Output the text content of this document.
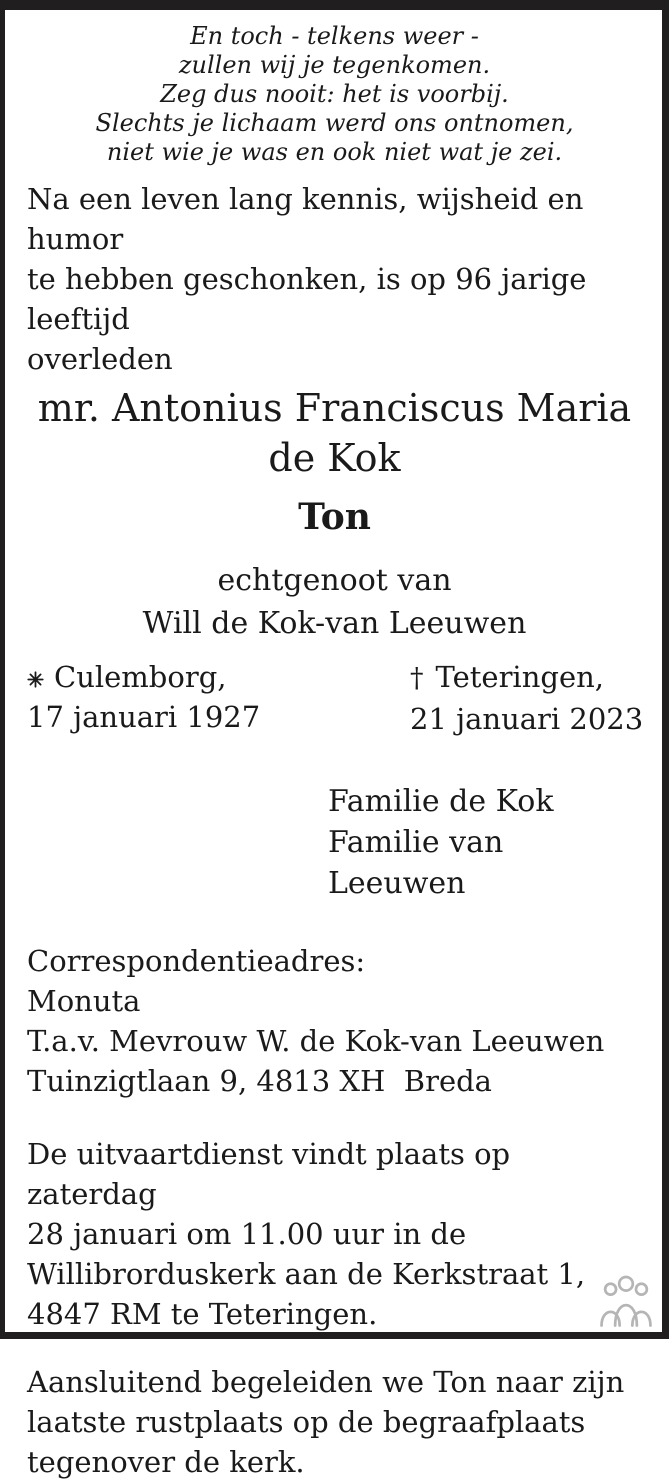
En toch - telkens weer -
zullen wij je tegenkomen.
Zeg dus nooit: het is voorbij.
Slechts je lichaam werd ons ontnomen,
niet wie je was en ook niet wat je zei.
Na een leven lang kennis, wijsheid en humor
te hebben geschonken, is op 96 jarige leeftijd
overleden
mr. Antonius Franciscus Maria
de Kok
Ton
echtgenoot van
Will de Kok-van Leeuwen
Culemborg,
17 januari 1927
† Teteringen,
21 januari 2023
Familie de Kok
Familie van Leeuwen
Correspondentieadres:
Monuta
T.a.v. Mevrouw W. de Kok-van Leeuwen
Tuinzigtlaan 9, 4813 XH  Breda
De uitvaartdienst vindt plaats op zaterdag
28 januari om 11.00 uur in de
Willibrorduskerk aan de Kerkstraat 1,
4847 RM te Teteringen.
Aansluitend begeleiden we Ton naar zijn
laatste rustplaats op de begraafplaats
tegenover de kerk.
